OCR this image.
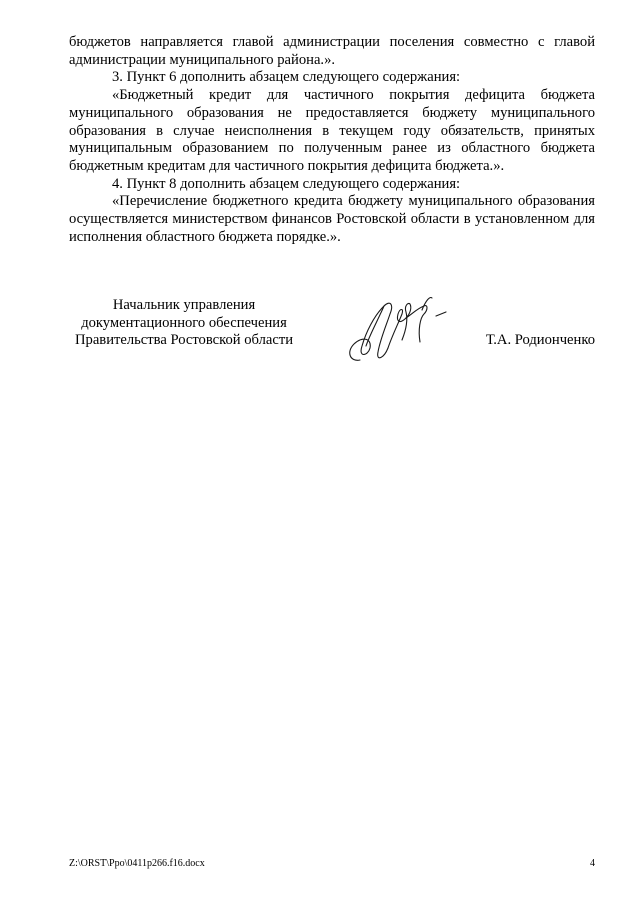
бюджетов направляется главой администрации поселения совместно с главой администрации муниципального района.».

3. Пункт 6 дополнить абзацем следующего содержания:

«Бюджетный кредит для частичного покрытия дефицита бюджета муниципального образования не предоставляется бюджету муниципального образования в случае неисполнения в текущем году обязательств, принятых муниципальным образованием по полученным ранее из областного бюджета бюджетным кредитам для частичного покрытия дефицита бюджета.».

4. Пункт 8 дополнить абзацем следующего содержания:

«Перечисление бюджетного кредита бюджету муниципального образования осуществляется министерством финансов Ростовской области в установленном для исполнения областного бюджета порядке.».

Начальник управления
документационного обеспечения
Правительства Ростовской области	Т.А. Родионченко
Z:\ORST\Ppo\0411p266.f16.docx	4
